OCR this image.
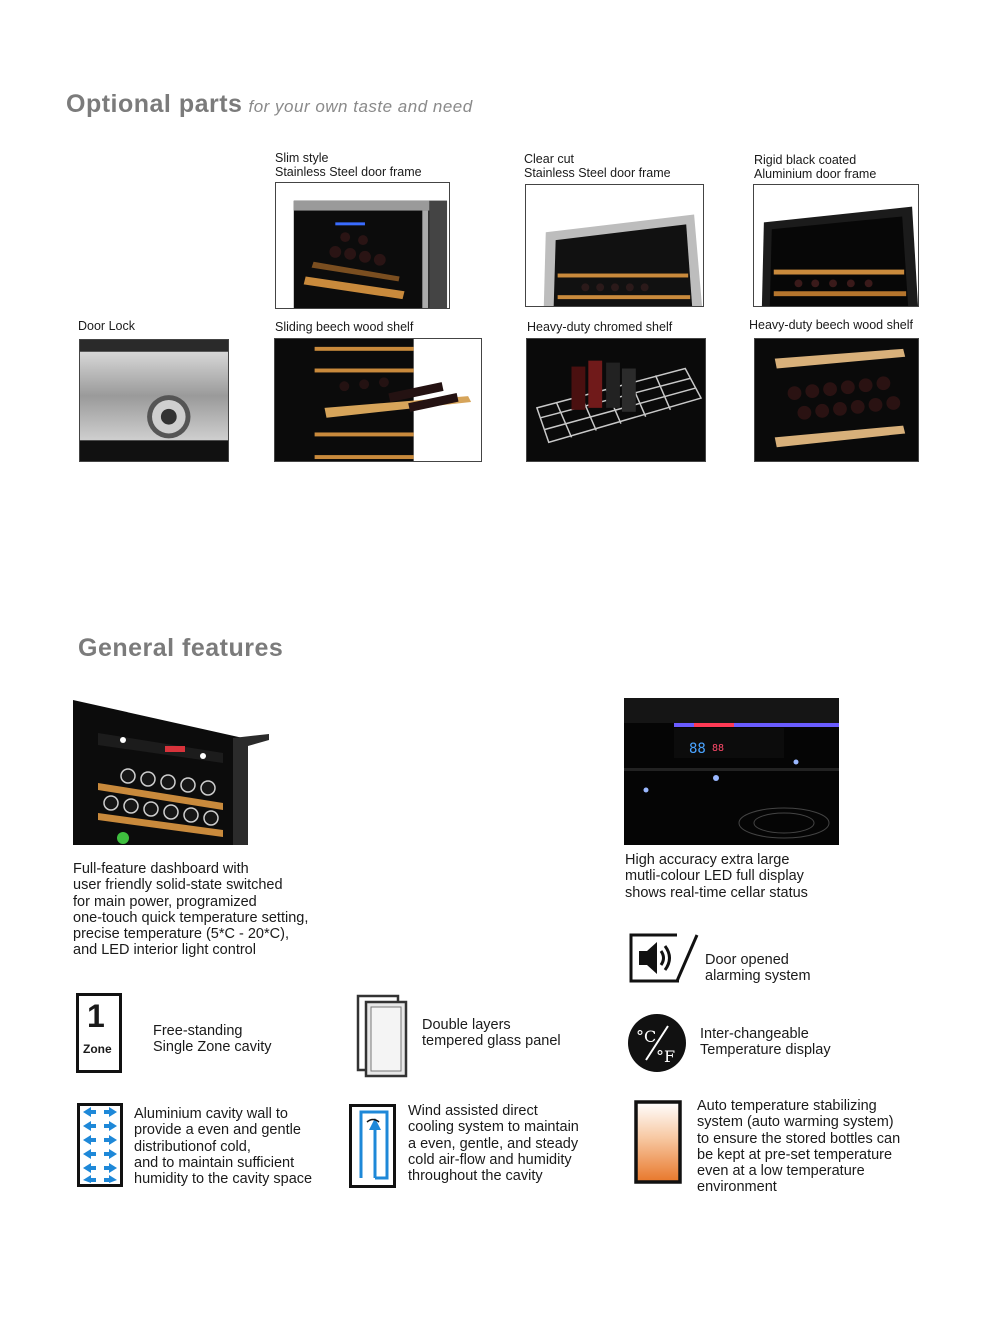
Optional parts for your own taste and need
Slim style
Stainless Steel door frame
Clear cut
Stainless Steel door frame
Rigid black coated
Aluminium door frame
Door Lock	Sliding beech wood shelf	Heavy-duty chromed shelf	Heavy-duty beech wood shelf
General features
Full-feature dashboard with
user friendly solid-state switched
for main power, programized
one-touch quick temperature setting,
precise temperature (5*C - 20*C),
and LED interior light control
88 88
High accuracy extra large
mutli-colour LED full display
shows real-time cellar status
Door opened
alarming system
1
Zone
Free-standing
Single Zone cavity
Double layers
tempered glass panel	°C
°F
Inter-changeable
Temperature display
Aluminium cavity wall to
provide a even and gentle
distributionof cold,
and to maintain sufficient
humidity to the cavity space
Wind assisted direct
cooling system to maintain
a even, gentle, and steady
cold air-flow and humidity
throughout the cavity
Auto temperature stabilizing
system (auto warming system)
to ensure the stored bottles can
be kept at pre-set temperature
even at a low temperature
environment
